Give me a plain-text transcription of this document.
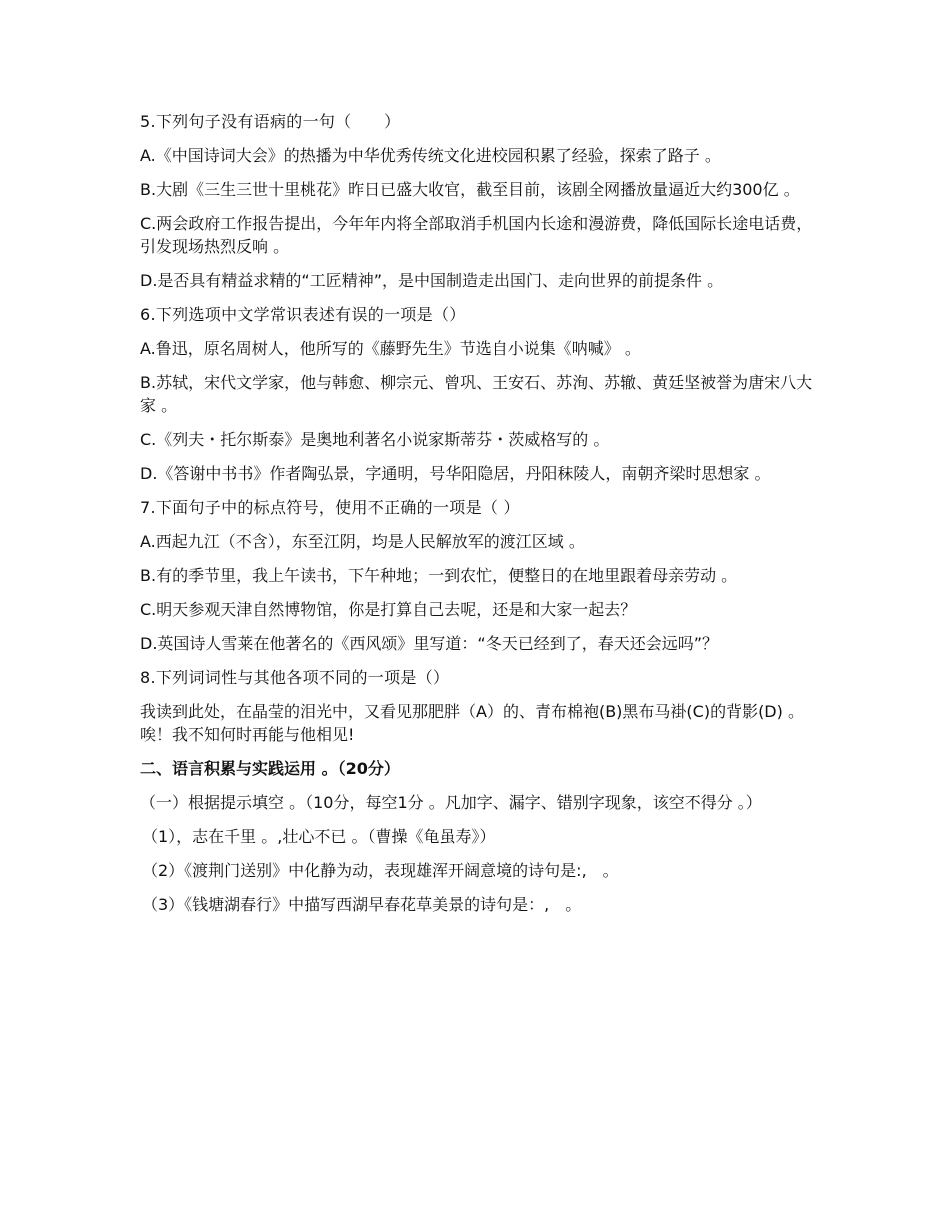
5.下列句子没有语病的一句（　　）

A.《中国诗词大会》的热播为中华优秀传统文化进校园积累了经验，探索了路子 。

B.大剧《三生三世十里桃花》昨日已盛大收官，截至目前，该剧全网播放量逼近大约300亿 。

C.两会政府工作报告提出，今年年内将全部取消手机国内长途和漫游费，降低国际长途电话费，引发现场热烈反响 。

D.是否具有精益求精的“工匠精神”，是中国制造走出国门、走向世界的前提条件 。

6.下列选项中文学常识表述有误的一项是（）

A.鲁迅，原名周树人，他所写的《藤野先生》节选自小说集《呐喊》 。

B.苏轼，宋代文学家，他与韩愈、柳宗元、曾巩、王安石、苏洵、苏辙、黄廷坚被誉为唐宋八大家 。

C.《列夫・托尔斯泰》是奥地利著名小说家斯蒂芬・茨威格写的 。

D.《答谢中书书》作者陶弘景，字通明，号华阳隐居，丹阳秣陵人，南朝齐梁时思想家 。

7.下面句子中的标点符号，使用不正确的一项是（ ）

A.西起九江（不含），东至江阴，均是人民解放军的渡江区域 。

B.有的季节里，我上午读书，下午种地；一到农忙，便整日的在地里跟着母亲劳动 。

C.明天参观天津自然博物馆，你是打算自己去呢，还是和大家一起去？

D.英国诗人雪莱在他著名的《西风颂》里写道：“冬天已经到了，春天还会远吗”？

8.下列词词性与其他各项不同的一项是（）

我读到此处，在晶莹的泪光中，又看见那肥胖（A）的、青布棉袍(B)黑布马褂(C)的背影(D) 。唉！我不知何时再能与他相见!

二、语言积累与实践运用 。（20分）

（一）根据提示填空 。（10分，每空1分 。凡加字、漏字、错别字现象，该空不得分 。）

（1），志在千里 。,壮心不已 。（曹操《龟虽寿》）

（2）《渡荆门送别》中化静为动，表现雄浑开阔意境的诗句是:,　。

（3）《钱塘湖春行》中描写西湖早春花草美景的诗句是：,　。
